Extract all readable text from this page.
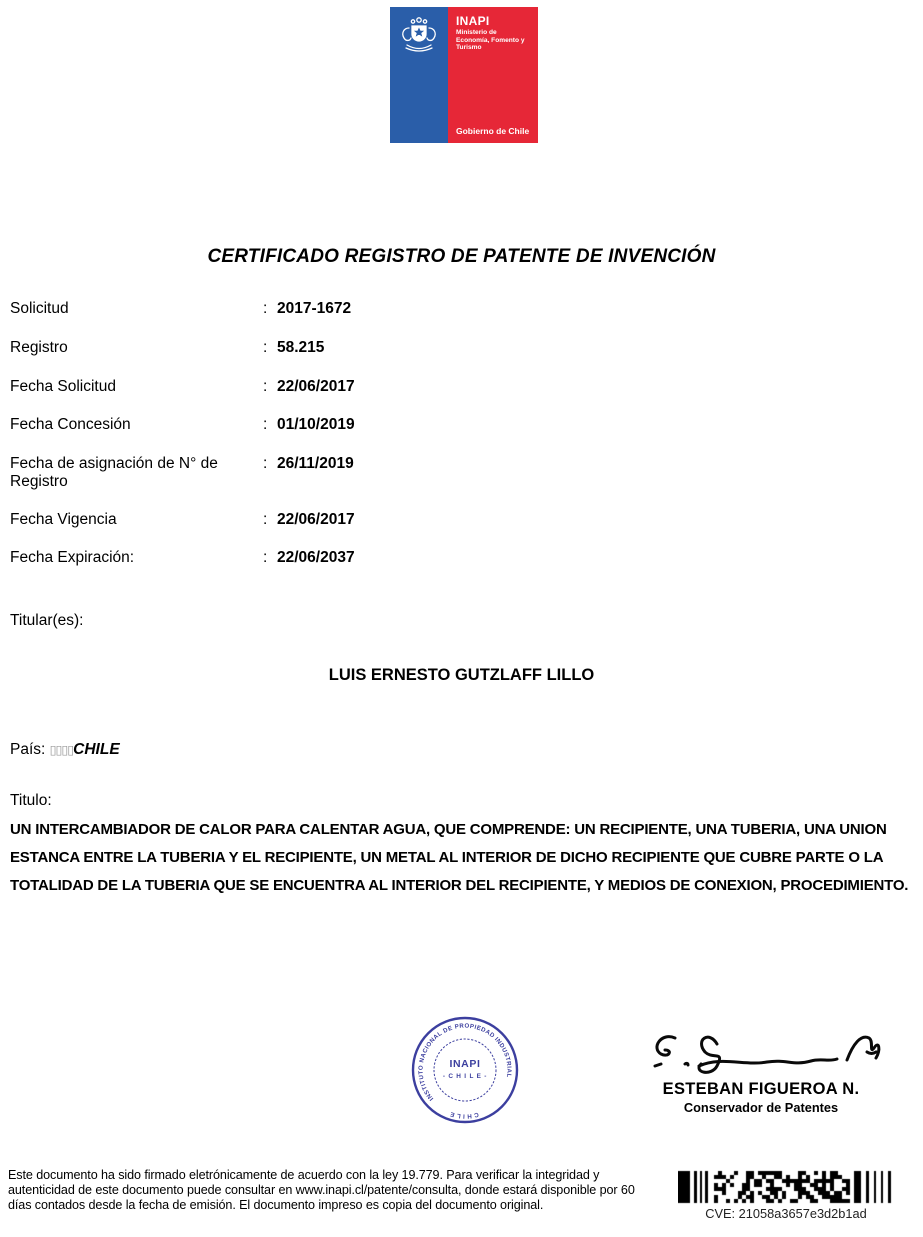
INAPI
Ministerio de
Economía, Fomento y
Turismo
Gobierno de Chile
CERTIFICADO REGISTRO DE PATENTE DE INVENCIÓN
Solicitud	: 2017-1672
Registro	: 58.215
Fecha Solicitud	: 22/06/2017
Fecha Concesión	: 01/10/2019
Fecha de asignación de N° de Registro
: 26/11/2019
Fecha Vigencia	: 22/06/2017
Fecha Expiración:	: 22/06/2037
Titular(es):
LUIS ERNESTO GUTZLAFF LILLO
País: ▯▯▯▯CHILE
Titulo:
UN INTERCAMBIADOR DE CALOR PARA CALENTAR AGUA, QUE COMPRENDE: UN RECIPIENTE, UNA TUBERIA, UNA UNION ESTANCA ENTRE LA TUBERIA Y EL RECIPIENTE, UN METAL AL INTERIOR DE DICHO RECIPIENTE QUE CUBRE PARTE O LA TOTALIDAD DE LA TUBERIA QUE SE ENCUENTRA AL INTERIOR DEL RECIPIENTE, Y MEDIOS DE CONEXION, PROCEDIMIENTO.
INSTITUTO NACIONAL DE PROPIEDAD INDUSTRIAL
CHILE
INAPI
- C H I L E -
ESTEBAN FIGUEROA N.
Conservador de Patentes
Este documento ha sido firmado eletrónicamente de acuerdo con la ley 19.779. Para verificar la integridad y autenticidad de este documento puede consultar en www.inapi.cl/patente/consulta, donde estará disponible por 60 días contados desde la fecha de emisión. El documento impreso es copia del documento original.
CVE: 21058a3657e3d2b1ad
